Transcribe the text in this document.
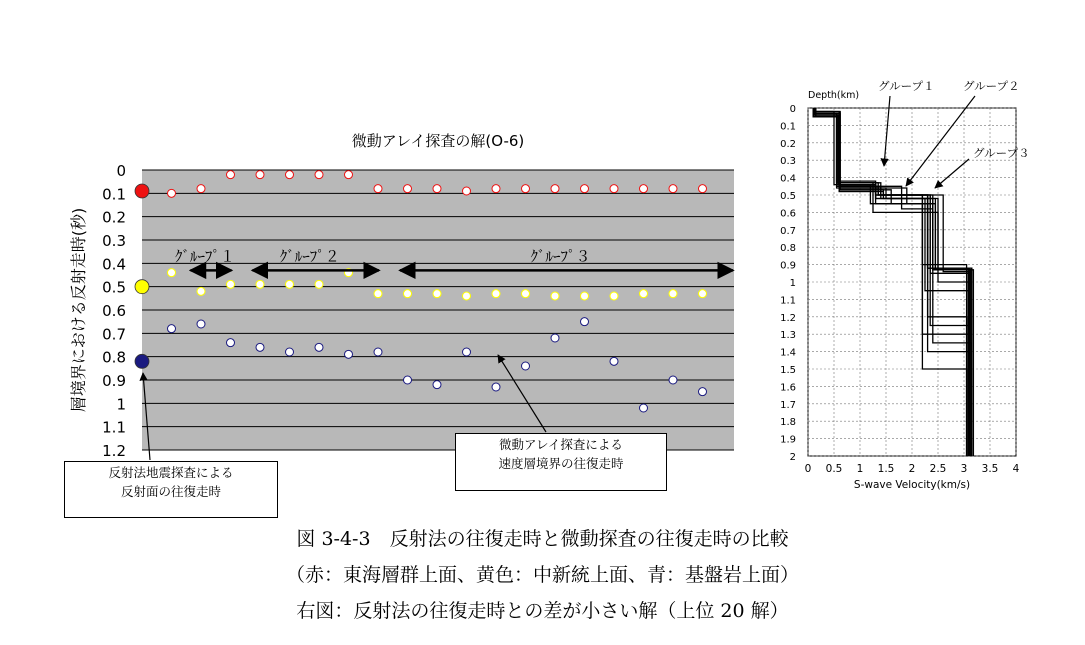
0
0.1
0.2
0.3
0.4
0.5
0.6
0.7
0.8
0.9
1
1.1
1.2
微動アレイ探査の解(O-6)
層境界における反射走時(秒)	ｸﾞﾙｰﾌﾟ１	ｸﾞﾙｰﾌﾟ２	ｸﾞﾙｰﾌﾟ３
0 0.5 1 1.5 2 2.5 3 3.5 4
0
0.1
0.2
0.3
0.4
0.5
0.6
0.7
0.8
0.9
1
1.1
1.2
1.3
1.4
1.5
1.6
1.7
1.8
1.9
2
Depth(km)
S-wave Velocity(km/s)
グループ１ グループ２
グループ３
反射法地震探査による
反射面の往復走時
微動アレイ探査による
速度層境界の往復走時
図 3-4-3　反射法の往復走時と微動探査の往復走時の比較
（赤：東海層群上面、黄色：中新統上面、青：基盤岩上面）
右図：反射法の往復走時との差が小さい解（上位 20 解）
